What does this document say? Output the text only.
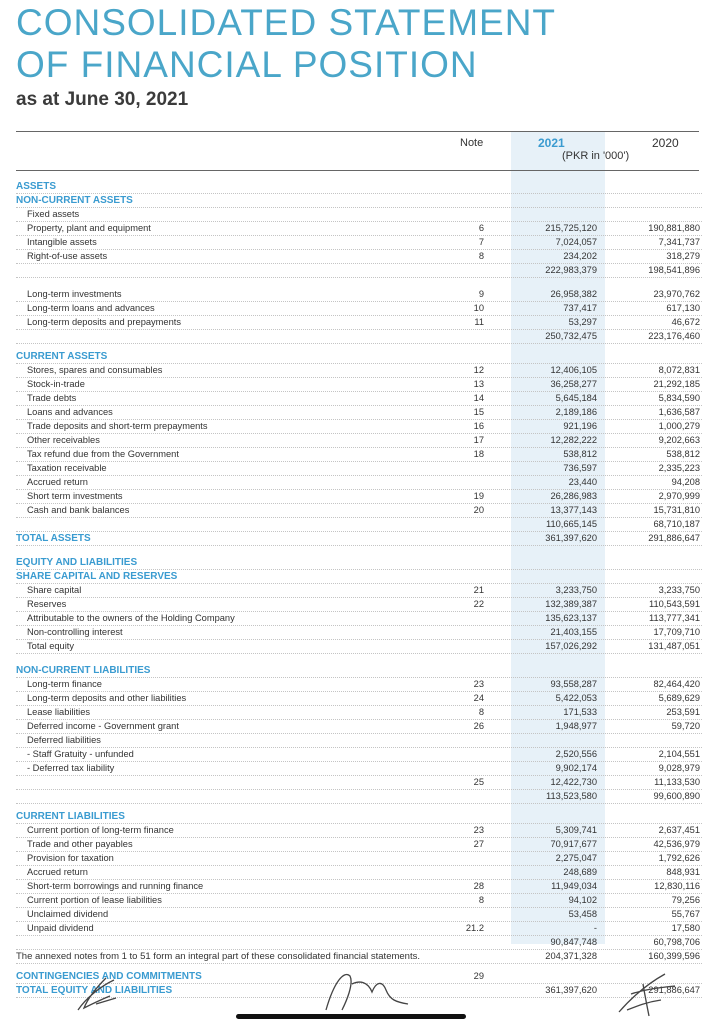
CONSOLIDATED STATEMENT
OF FINANCIAL POSITION
as at June 30, 2021
Note	2021	2020
(PKR in '000')
ASSETS
NON-CURRENT ASSETS
Fixed assets
Property, plant and equipment	6	215,725,120	190,881,880
Intangible assets	7	7,024,057	7,341,737
Right-of-use assets	8	234,202	318,279
222,983,379	198,541,896
Long-term investments	9	26,958,382	23,970,762
Long-term loans and advances	10	737,417	617,130
Long-term deposits and prepayments	11	53,297	46,672
250,732,475	223,176,460
CURRENT ASSETS
Stores, spares and consumables	12	12,406,105	8,072,831
Stock-in-trade	13	36,258,277	21,292,185
Trade debts	14	5,645,184	5,834,590
Loans and advances	15	2,189,186	1,636,587
Trade deposits and short-term prepayments	16	921,196	1,000,279
Other receivables	17	12,282,222	9,202,663
Tax refund due from the Government	18	538,812	538,812
Taxation receivable	736,597	2,335,223
Accrued return	23,440	94,208
Short term investments	19	26,286,983	2,970,999
Cash and bank balances	20	13,377,143	15,731,810
110,665,145	68,710,187
TOTAL ASSETS	361,397,620	291,886,647
EQUITY AND LIABILITIES
SHARE CAPITAL AND RESERVES
Share capital	21	3,233,750	3,233,750
Reserves	22	132,389,387	110,543,591
Attributable to the owners of the Holding Company	135,623,137	113,777,341
Non-controlling interest	21,403,155	17,709,710
Total equity	157,026,292	131,487,051
NON-CURRENT LIABILITIES
Long-term finance	23	93,558,287	82,464,420
Long-term deposits and other liabilities	24	5,422,053	5,689,629
Lease liabilities	8	171,533	253,591
Deferred income - Government grant	26	1,948,977	59,720
Deferred liabilities
- Staff Gratuity - unfunded	2,520,556	2,104,551
- Deferred tax liability	9,902,174	9,028,979
25	12,422,730	11,133,530
113,523,580	99,600,890
CURRENT LIABILITIES
Current portion of long-term finance	23	5,309,741	2,637,451
Trade and other payables	27	70,917,677	42,536,979
Provision for taxation	2,275,047	1,792,626
Accrued return	248,689	848,931
Short-term borrowings and running finance	28	11,949,034	12,830,116
Current portion of lease liabilities	8	94,102	79,256
Unclaimed dividend	53,458	55,767
Unpaid dividend	21.2	-	17,580
90,847,748	60,798,706
204,371,328	160,399,596
CONTINGENCIES AND COMMITMENTS	29
TOTAL EQUITY AND LIABILITIES	361,397,620	291,886,647
The annexed notes from 1 to 51 form an integral part of these consolidated financial statements.
